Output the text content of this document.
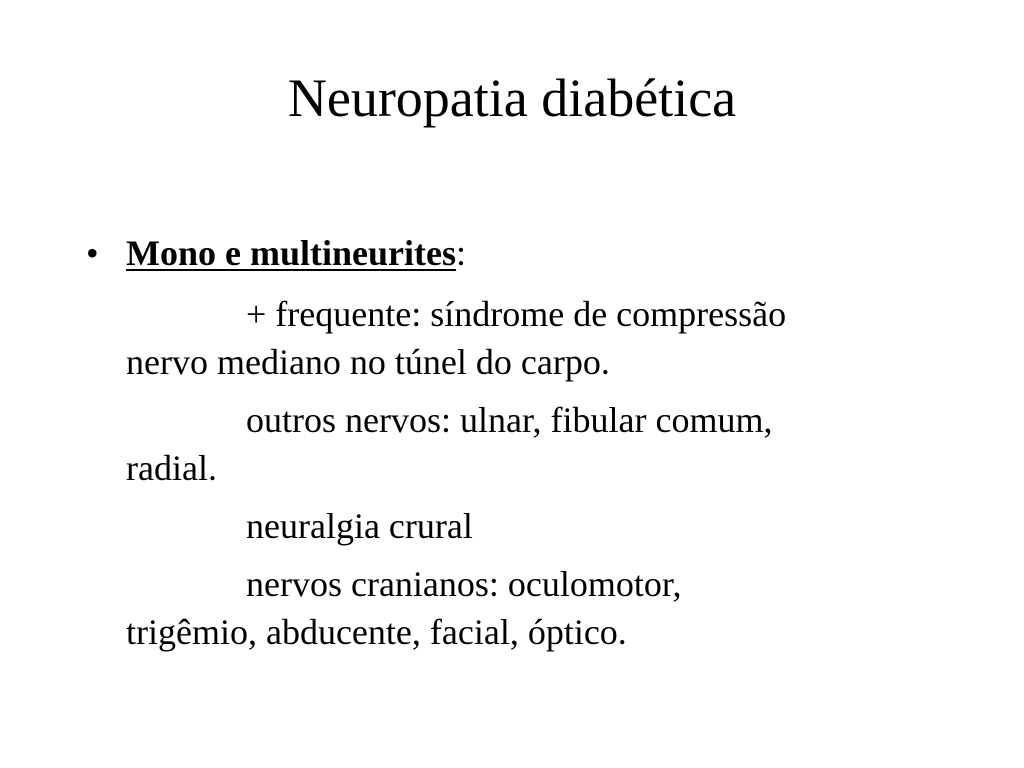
Neuropatia diabética
• Mono e multineurites:
+ frequente: síndrome de compressão
nervo mediano no túnel do carpo.
outros nervos: ulnar, fibular comum,
radial.
neuralgia crural
nervos cranianos: oculomotor,
trigêmio, abducente, facial, óptico.
